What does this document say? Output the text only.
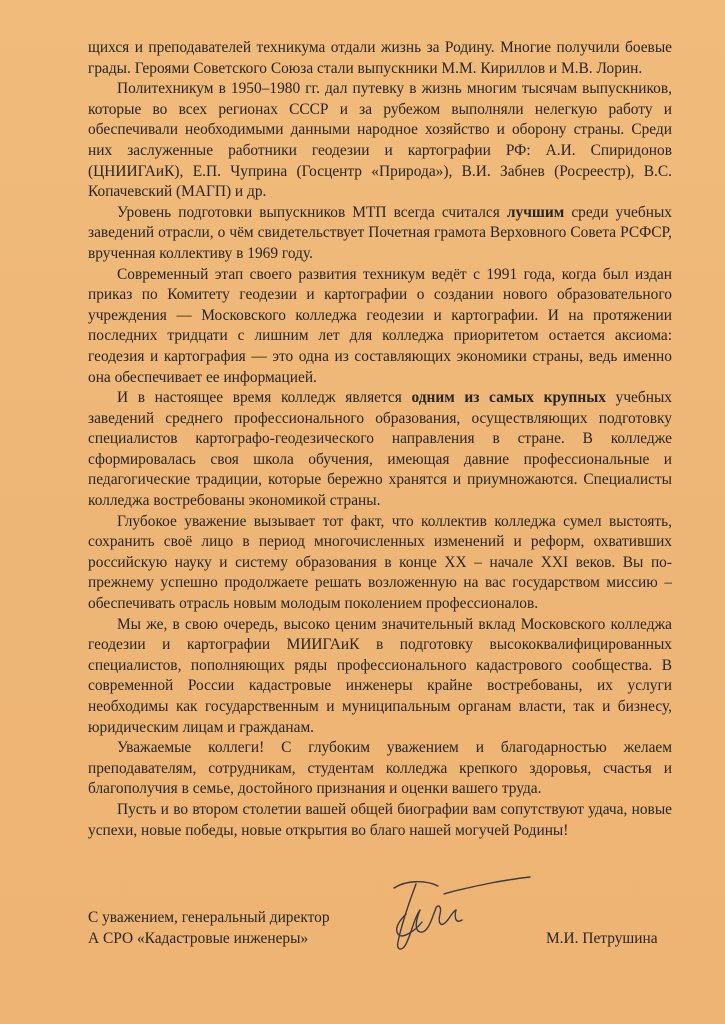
щихся и преподавателей техникума отдали жизнь за Родину. Многие получили боевые грады. Героями Советского Союза стали выпускники М.М. Кириллов и М.В. Лорин.

Политехникум в 1950–1980 гг. дал путевку в жизнь многим тысячам выпускников, которые во всех регионах СССР и за рубежом выполняли нелегкую работу и обеспечивали необходимыми данными народное хозяйство и оборону страны. Среди них заслуженные работники геодезии и картографии РФ: А.И. Спиридонов (ЦНИИГАиК), Е.П. Чуприна (Госцентр «Природа»), В.И. Забнев (Росреестр), В.С. Копачевский (МАГП) и др.

Уровень подготовки выпускников МТП всегда считался лучшим среди учебных заведений отрасли, о чём свидетельствует Почетная грамота Верховного Совета РСФСР, врученная коллективу в 1969 году.

Современный этап своего развития техникум ведёт с 1991 года, когда был издан приказ по Комитету геодезии и картографии о создании нового образовательного учреждения — Московского колледжа геодезии и картографии. И на протяжении последних тридцати с лишним лет для колледжа приоритетом остается аксиома: геодезия и картография — это одна из составляющих экономики страны, ведь именно она обеспечивает ее информацией.

И в настоящее время колледж является одним из самых крупных учебных заведений среднего профессионального образования, осуществляющих подготовку специалистов картографо-геодезического направления в стране. В колледже сформировалась своя школа обучения, имеющая давние профессиональные и педагогические традиции, которые бережно хранятся и приумножаются. Специалисты колледжа востребованы экономикой страны.

Глубокое уважение вызывает тот факт, что коллектив колледжа сумел выстоять, сохранить своё лицо в период многочисленных изменений и реформ, охвативших российскую науку и систему образования в конце XX – начале XXI веков. Вы по-прежнему успешно продолжаете решать возложенную на вас государством миссию – обеспечивать отрасль новым молодым поколением профессионалов.

Мы же, в свою очередь, высоко ценим значительный вклад Московского колледжа геодезии и картографии МИИГАиК в подготовку высококвалифицированных специалистов, пополняющих ряды профессионального кадастрового сообщества. В современной России кадастровые инженеры крайне востребованы, их услуги необходимы как государственным и муниципальным органам власти, так и бизнесу, юридическим лицам и гражданам.

Уважаемые коллеги! С глубоким уважением и благодарностью желаем преподавателям, сотрудникам, студентам колледжа крепкого здоровья, счастья и благополучия в семье, достойного признания и оценки вашего труда.

Пусть и во втором столетии вашей общей биографии вам сопутствуют удача, новые успехи, новые победы, новые открытия во благо нашей могучей Родины!

С уважением, генеральный директор
А СРО «Кадастровые инженеры»	М.И. Петрушина
